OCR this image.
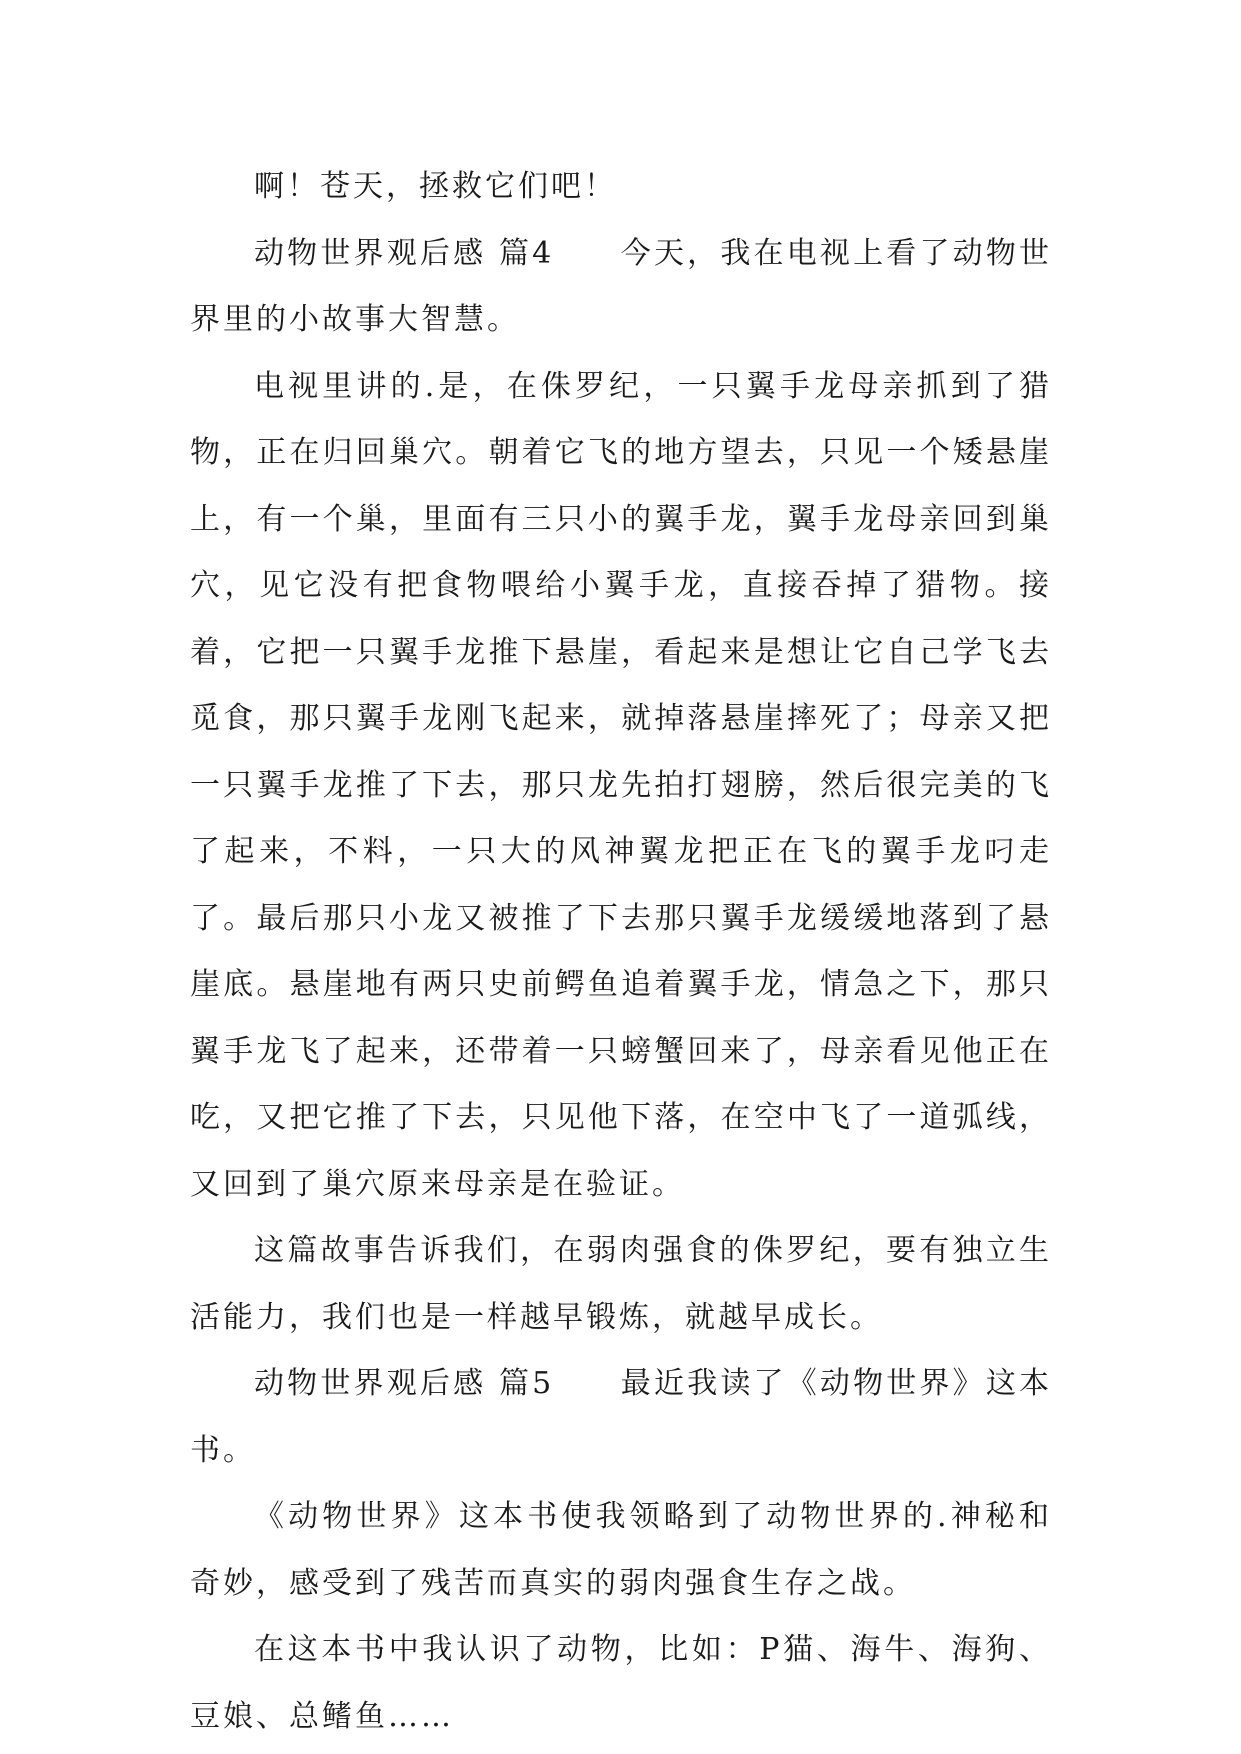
啊！苍天，拯救它们吧！

动物世界观后感 篇4　　今天，我在电视上看了动物世界里的小故事大智慧。

电视里讲的.是，在侏罗纪，一只翼手龙母亲抓到了猎物，正在归回巢穴。朝着它飞的地方望去，只见一个矮悬崖上，有一个巢，里面有三只小的翼手龙，翼手龙母亲回到巢穴，见它没有把食物喂给小翼手龙，直接吞掉了猎物。接着，它把一只翼手龙推下悬崖，看起来是想让它自己学飞去觅食，那只翼手龙刚飞起来，就掉落悬崖摔死了；母亲又把一只翼手龙推了下去，那只龙先拍打翅膀，然后很完美的飞了起来，不料，一只大的风神翼龙把正在飞的翼手龙叼走了。最后那只小龙又被推了下去那只翼手龙缓缓地落到了悬崖底。悬崖地有两只史前鳄鱼追着翼手龙，情急之下，那只翼手龙飞了起来，还带着一只螃蟹回来了，母亲看见他正在吃，又把它推了下去，只见他下落，在空中飞了一道弧线，又回到了巢穴原来母亲是在验证。

这篇故事告诉我们，在弱肉强食的侏罗纪，要有独立生活能力，我们也是一样越早锻炼，就越早成长。

动物世界观后感 篇5　　最近我读了《动物世界》这本书。

《动物世界》这本书使我领略到了动物世界的.神秘和奇妙，感受到了残苦而真实的弱肉强食生存之战。

在这本书中我认识了动物，比如：P猫、海牛、海狗、豆娘、总鳍鱼……
